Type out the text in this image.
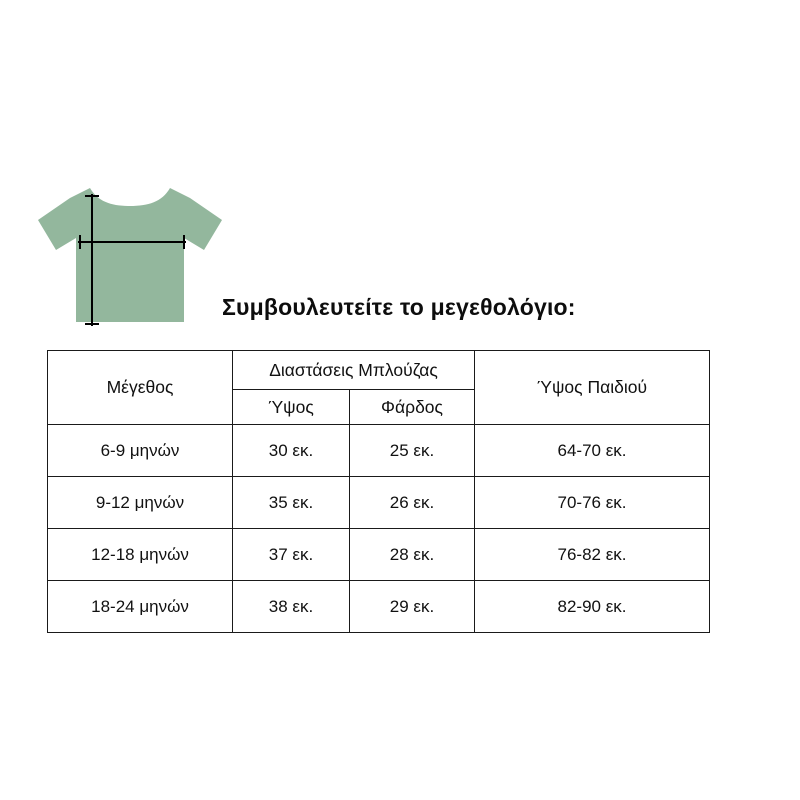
Συμβουλευτείτε το μεγεθολόγιο:
Μέγεθος	Διαστάσεις Μπλούζας		Ύψος Παιδιού
	Ύψος	Φάρδος	
6-9 μηνών	30 εκ.	25 εκ.	64-70 εκ.
9-12 μηνών	35 εκ.	26 εκ.	70-76 εκ.
12-18 μηνών	37 εκ.	28 εκ.	76-82 εκ.
18-24 μηνών	38 εκ.	29 εκ.	82-90 εκ.
